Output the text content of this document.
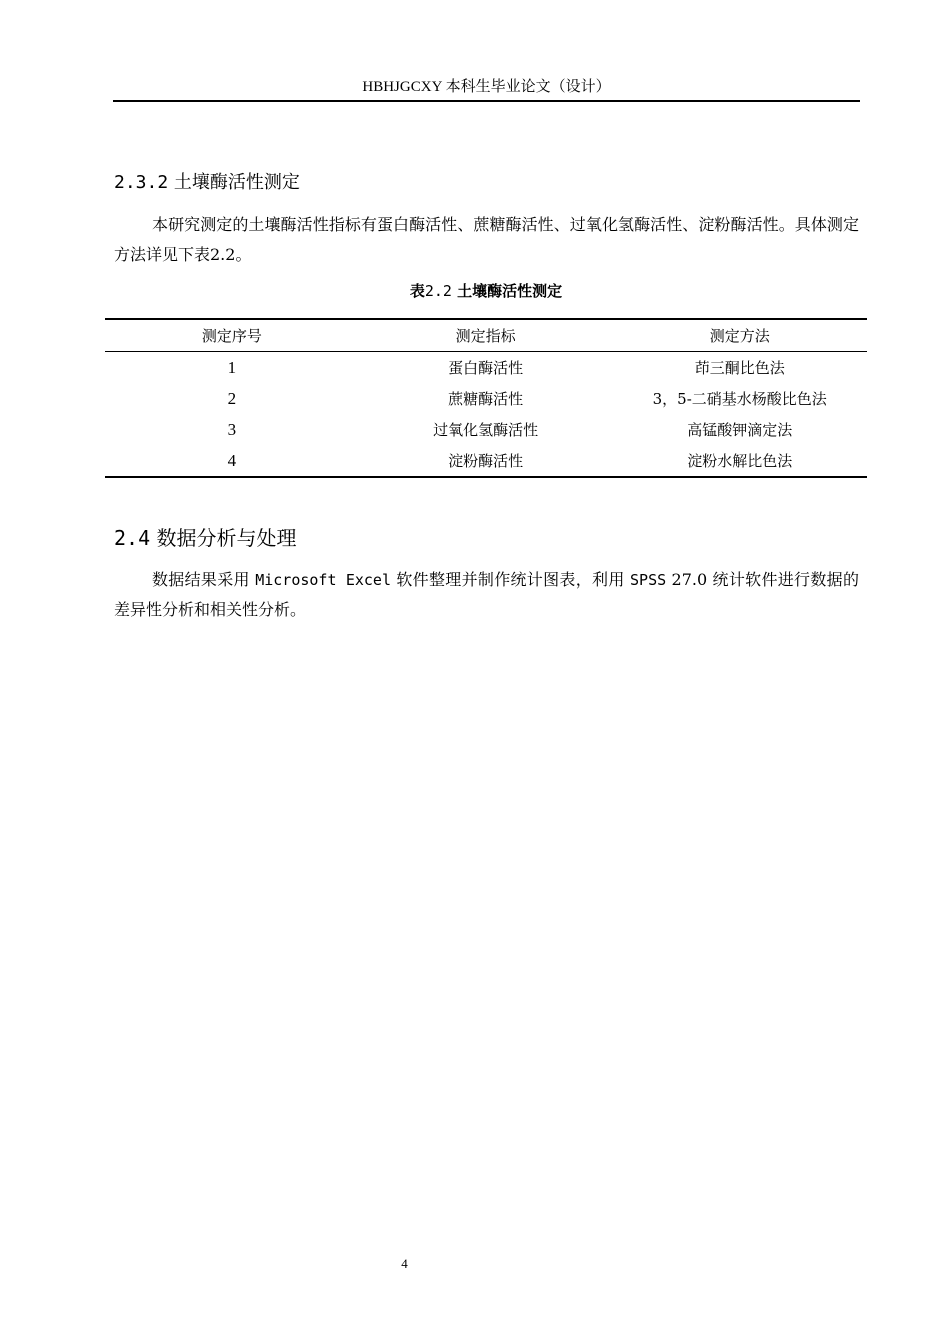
HBHJGCXY 本科生毕业论文（设计）
2.3.2 土壤酶活性测定
本研究测定的土壤酶活性指标有蛋白酶活性、蔗糖酶活性、过氧化氢酶活性、淀粉酶活性。具体测定方法详见下表2.2。
表2.2 土壤酶活性测定
测定序号	测定指标	测定方法
1	蛋白酶活性	茚三酮比色法
2	蔗糖酶活性	3，5-二硝基水杨酸比色法
3	过氧化氢酶活性	高锰酸钾滴定法
4	淀粉酶活性	淀粉水解比色法
2.4 数据分析与处理
数据结果采用 Microsoft Excel 软件整理并制作统计图表，利用 SPSS 27.0 统计软件进行数据的差异性分析和相关性分析。
4
